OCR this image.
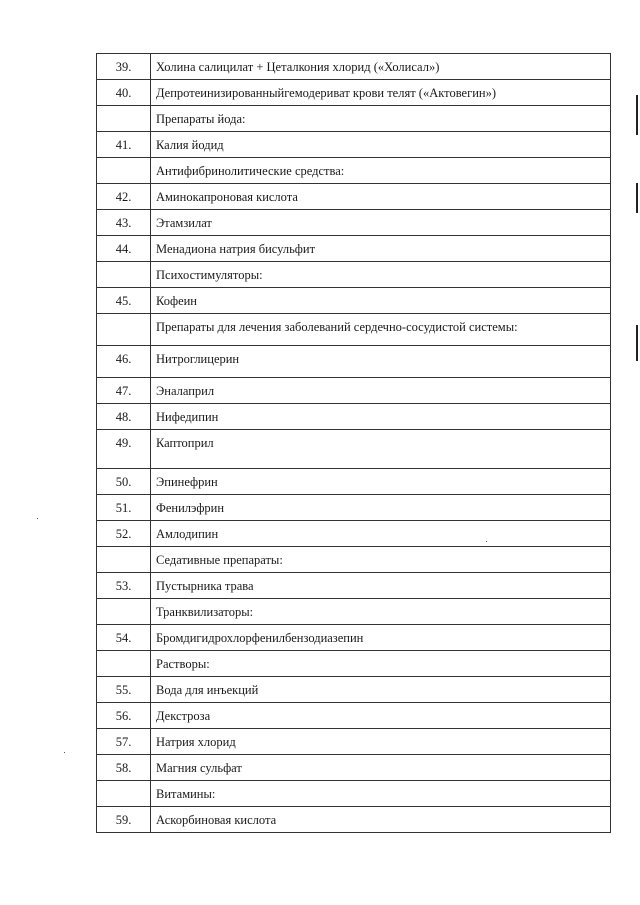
39.	Холина салицилат + Цеталкония хлорид («Холисал»)

40.	Депротеинизированныйгемодериват крови телят («Актовегин»)

	Препараты йода:

41.	Калия йодид

	Антифибринолитические средства:

42.	Аминокапроновая кислота

43.	Этамзилат

44.	Менадиона натрия бисульфит

	Психостимуляторы:

45.	Кофеин

	Препараты для лечения заболеваний сердечно-сосудистой системы:

46.	Нитроглицерин

47.	Эналаприл

48.	Нифедипин

49.	Каптоприл

50.	Эпинефрин

51.	Фенилэфрин

52.	Амлодипин

	Седативные препараты:

53.	Пустырника трава

	Транквилизаторы:

54.	Бромдигидрохлорфенилбензодиазепин

	Растворы:

55.	Вода для инъекций

56.	Декстроза

57.	Натрия хлорид

58.	Магния сульфат

	Витамины:

59.	Аскорбиновая кислота
